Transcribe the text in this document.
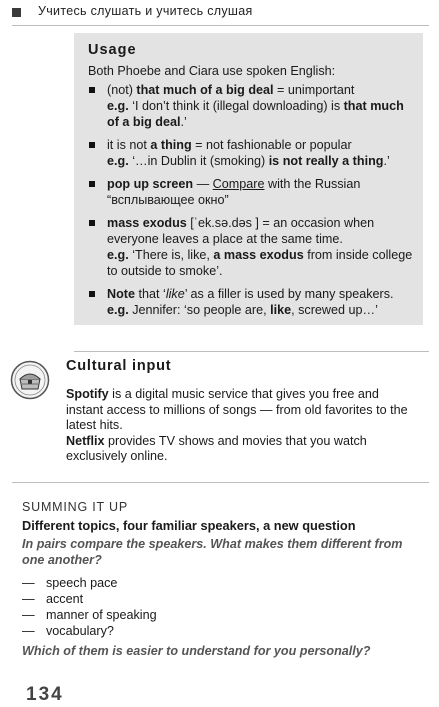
Учитесь слушать и учитесь слушая
Usage
Both Phoebe and Ciara use spoken English:
(not) that much of a big deal = unimportant
e.g. ‘I don’t think it (illegal downloading) is that much of a big deal.’
it is not a thing = not fashionable or popular
e.g. ‘…in Dublin it (smoking) is not really a thing.’
pop up screen — Compare with the Russian
“всплывающее окно”
mass exodus [ˈek.sə.dəs ] = an occasion when everyone leaves a place at the same time.
e.g. ‘There is, like, a mass exodus from inside college to outside to smoke’.
Note that ‘like’ as a filler is used by many speakers.
e.g. Jennifer: ‘so people are, like, screwed up…’
Cultural input

Spotify is a digital music service that gives you free and instant access to millions of songs — from old favorites to the latest hits.

Netflix provides TV shows and movies that you watch exclusively online.

SUMMING IT UP
Different topics, four familiar speakers, a new question

In pairs compare the speakers. What makes them different from one another?

— speech pace
— accent
— manner of speaking
— vocabulary?
Which of them is easier to understand for you personally?
134
